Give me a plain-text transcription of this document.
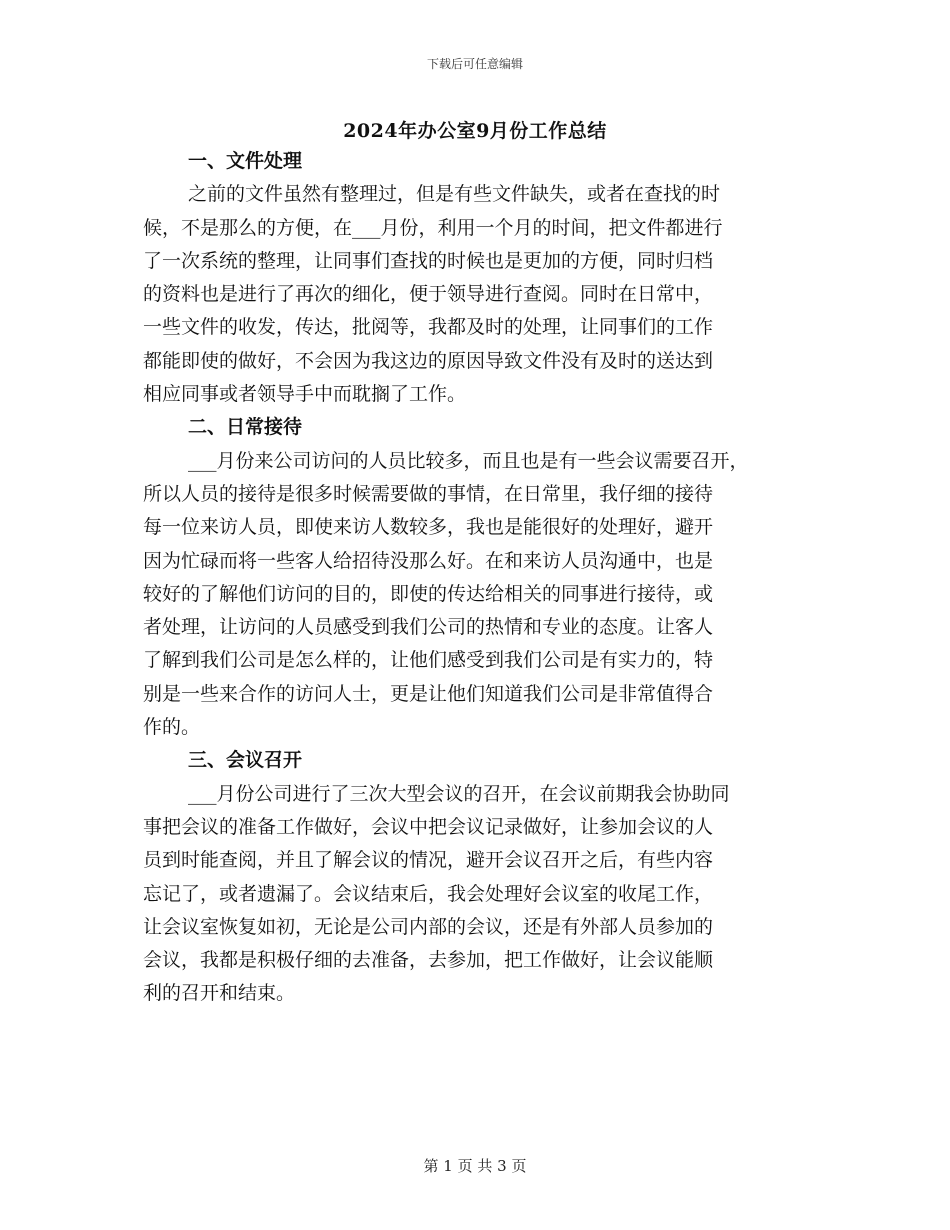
下载后可任意编辑
2024年办公室9月份工作总结
一、文件处理
之前的文件虽然有整理过，但是有些文件缺失，或者在查找的时
候，不是那么的方便，在___月份，利用一个月的时间，把文件都进行
了一次系统的整理，让同事们查找的时候也是更加的方便，同时归档
的资料也是进行了再次的细化，便于领导进行查阅。同时在日常中，
一些文件的收发，传达，批阅等，我都及时的处理，让同事们的工作
都能即使的做好，不会因为我这边的原因导致文件没有及时的送达到
相应同事或者领导手中而耽搁了工作。
二、日常接待
___月份来公司访问的人员比较多，而且也是有一些会议需要召开，
所以人员的接待是很多时候需要做的事情，在日常里，我仔细的接待
每一位来访人员，即使来访人数较多，我也是能很好的处理好，避开
因为忙碌而将一些客人给招待没那么好。在和来访人员沟通中，也是
较好的了解他们访问的目的，即使的传达给相关的同事进行接待，或
者处理，让访问的人员感受到我们公司的热情和专业的态度。让客人
了解到我们公司是怎么样的，让他们感受到我们公司是有实力的，特
别是一些来合作的访问人士，更是让他们知道我们公司是非常值得合
作的。
三、会议召开
___月份公司进行了三次大型会议的召开，在会议前期我会协助同
事把会议的准备工作做好，会议中把会议记录做好，让参加会议的人
员到时能查阅，并且了解会议的情况，避开会议召开之后，有些内容
忘记了，或者遗漏了。会议结束后，我会处理好会议室的收尾工作，
让会议室恢复如初，无论是公司内部的会议，还是有外部人员参加的
会议，我都是积极仔细的去准备，去参加，把工作做好，让会议能顺
利的召开和结束。
第 1 页 共 3 页
